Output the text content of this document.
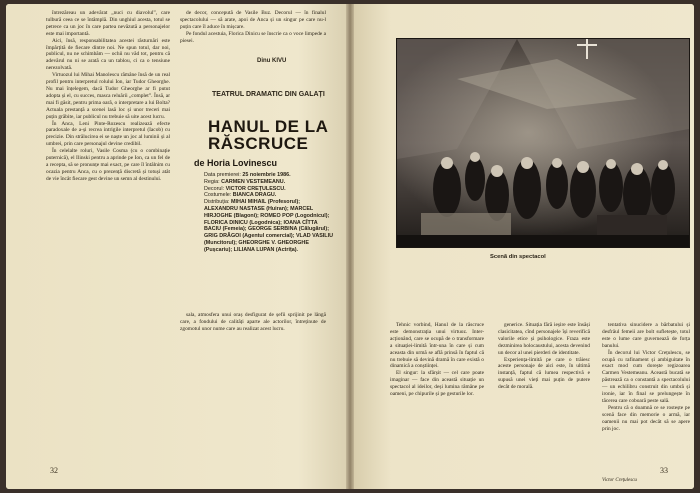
întrezăreau un adevărat „nuci cu diavolul”, care tulbură ceea ce se întâmplă. Din unghiul acesta, totul se petrece ca un joc în care partea nevăzută a personajelor este mai importantă.

Aici, însă, responsabilitatea acestei răsturnări este împărțită de fiecare dintre noi. Ne spun totul, dar noi, publicul, nu ne schimbăm — ochii nu văd tot, pentru că adevărul nu ni se arată ca un tablou, ci ca o tensiune nerezolvată.

Virtuozul lui Mihai Manolescu rămâne însă de un real profil pentru interpretul rolului Ion, iar Tudor Gheorghe. Nu mai înțelegem, dacă Tudor Gheorghe ar fi putut adopta și el, cu succes, masca reluării „complet”. Însă, ar mai fi găsit, pentru prima oară, o interpretare a lui Bolta? Actuala prestanță a scenei lasă loc și unor treceri mai puțin grăbite, iar publicul nu trebuie să uite acest lucru.

În Anca, Leni Pinte-Rozescu realizează efecte paradoxale de a-și recrea intrigile interpretul (Iacob) cu precizie. Din strălucirea ei se naște un joc al luminii și al umbrei, prin care personajul devine credibil.

În celelalte roluri, Vasile Cosma (cu o combinație puternică), el Ilinski pentru a aprinde pe Ion, ca un fel de a recepta, să se pronunțe mai exact, pe care îl întâlnim cu ocazia pentru Anca, cu o prezență discretă și totuși atât de vie încât fiecare gest devine un semn al destinului.

de decor, concepută de Vasile Buz. Decorul — în finalul spectacolului — să arate, apoi de Anca și un singur pe care nu-l puțin care îl aduce în mișcare.

Pe fondul acestuia, Florica Dinicu se înscrie ca o voce limpede a piesei.

Dinu KIVU
TEATRUL DRAMATIC DIN GALAȚI
HANUL DE LA RĂSCRUCE
de Horia Lovinescu
Data premierei: 25 noiembrie 1986.
Regia: CARMEN VESTEMEANU.
Decorul: VICTOR CREȚULESCU.
Costumele: BIANCA DRAGU.
Distribuția: MIHAI MIHAIL (Profesorul); ALEXANDRU NASTASE (Huiran); MARCEL HIRJOGHE (Blagoni); ROMEO POP (Logodnicul); FLORICA DINICU (Logodnica); IOANA CÎTTA BACIU (Femeia); GEORGE SERBINA (Călugărul); GRIG DRĂGOI (Agentul comercial); VLAD VASILIU (Muncitorul); GHEORGHE V. GHEORGHE (Pușcariu); LILIANA LUPAN (Actrița).

sala, atmosfera unui oraș desfigurat de șefii sprijinit pe lângă care, a fondului de calități aparte ale actorilor, întreținute de zgomotul unor nume care au realizat acest lucru.

32
Scenă din spectacol

Tehnic vorbind, Hanul de la răscruce este demonstrația unui virtuoz. Inter-acționând, care se ocupă de o transformare a situației-limită într-una în care și cum aceasta din urmă se află prinsă în faptul că nu trebuie să devină dramă în care există o dinamică a conștiinței.

El singur: la sfârșit — cel care poate imaginar — face din această situație un spectacol al ideilor, deși lumina rămâne pe oameni, pe chipurile și pe gesturile lor.

generice. Situația fără ieșire este însăși clasicitatea, cînd personajele își reverifică valorile etice și psihologice. Fraza este dezminirea holocaustului, acesta devenind un decor al unei pierderi de identitate.

Experiența-limită pe care o trăiesc aceste personaje de aici este, în ultimă instanță, faptul că lumea respectivă e supusă unei vieți mai puțin de putere decât de morală.

tentativa sinucidere a bărbatului și desfrâul femeii are bolt sufletește, totul este o lume care guvernează de forța banului.

În decorul lui Victor Crețulescu, se ocupă cu rafinament și ambiguitate în exact mod cum dorește regizoarea Carmen Vestemeanu. Această bucată se păstrează ca o constantă a spectacolului — un echilibru construit din umbră și ironie, iar în final se prelungește în tăcerea care coboară peste sală.

Pentru că o doamnă ce se rostește pe scenă face din memorie o armă, iar oamenii nu mai pot decât să se apere prin joc.

33
Victor Crețulescu
